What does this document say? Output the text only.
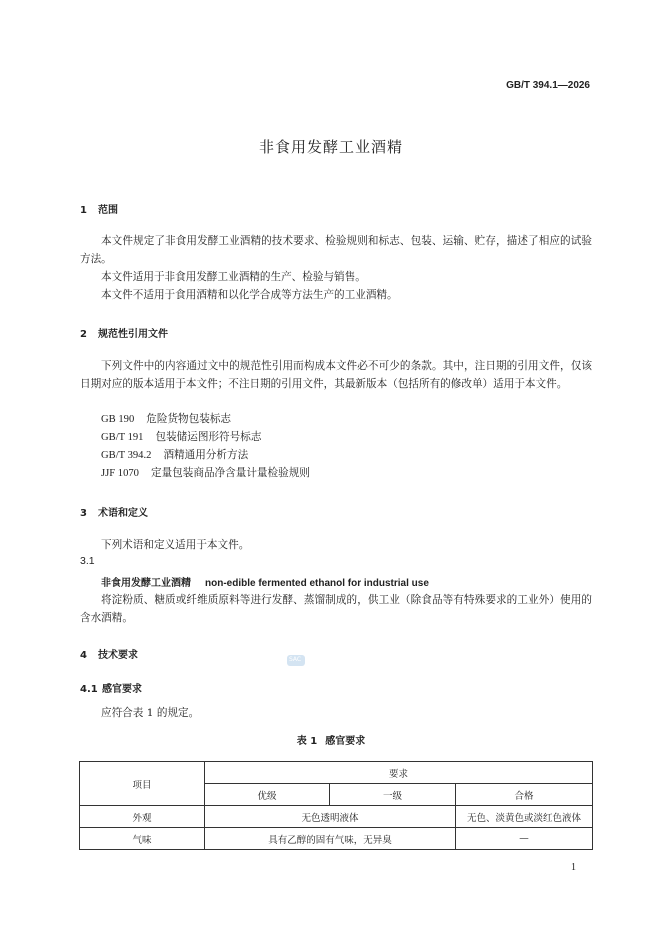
GB/T 394.1—2026
非食用发酵工业酒精
1 范围
本文件规定了非食用发酵工业酒精的技术要求、检验规则和标志、包装、运输、贮存，描述了相应的试验方法。
本文件适用于非食用发酵工业酒精的生产、检验与销售。
本文件不适用于食用酒精和以化学合成等方法生产的工业酒精。
2 规范性引用文件
下列文件中的内容通过文中的规范性引用而构成本文件必不可少的条款。其中，注日期的引用文件，仅该日期对应的版本适用于本文件；不注日期的引用文件，其最新版本（包括所有的修改单）适用于本文件。
GB 190 危险货物包装标志
GB/T 191 包装储运图形符号标志
GB/T 394.2 酒精通用分析方法
JJF 1070 定量包装商品净含量计量检验规则
3 术语和定义
下列术语和定义适用于本文件。
3.1
非食用发酵工业酒精 non-edible fermented ethanol for industrial use
将淀粉质、糖质或纤维质原料等进行发酵、蒸馏制成的，供工业（除食品等有特殊要求的工业外）使用的含水酒精。
4 技术要求	SAC
4.1 感官要求
应符合表 1 的规定。
表 1 感官要求
项目	要求		
	优级	一级	合格
外观	无色透明液体		无色、淡黄色或淡红色液体
气味	具有乙醇的固有气味，无异臭		—
1
